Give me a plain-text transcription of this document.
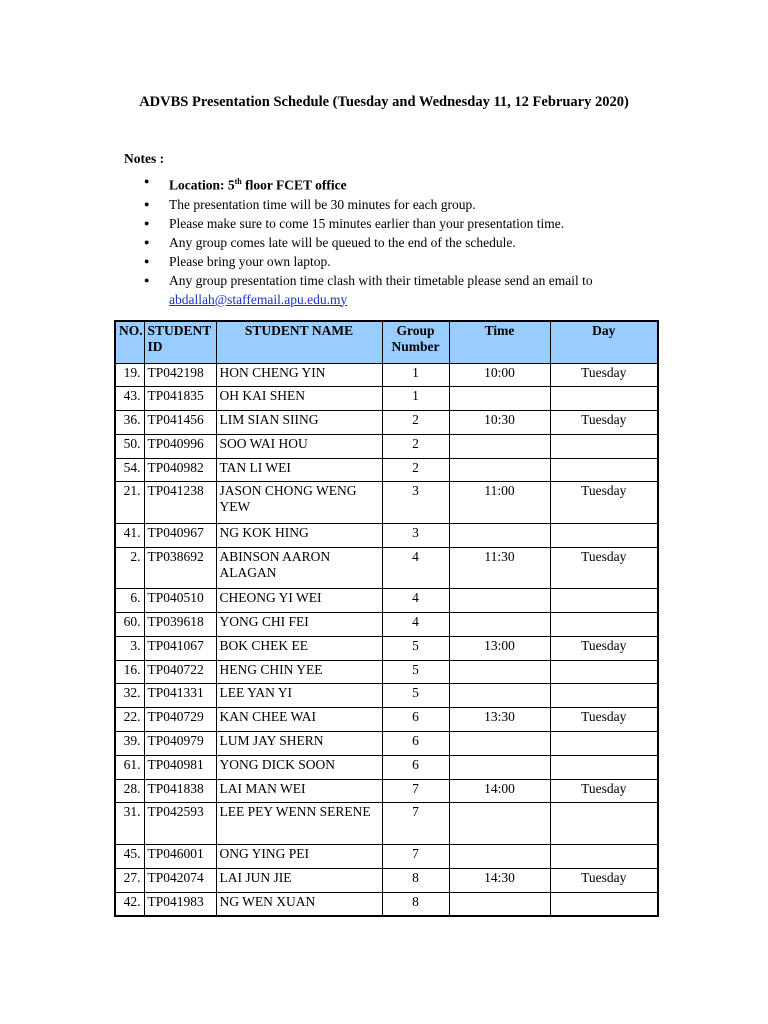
ADVBS Presentation Schedule (Tuesday and Wednesday 11, 12 February 2020)
Notes :
● Location: 5th floor FCET office
● The presentation time will be 30 minutes for each group.
● Please make sure to come 15 minutes earlier than your presentation time.
● Any group comes late will be queued to the end of the schedule.
● Please bring your own laptop.
● Any group presentation time clash with their timetable please send an email to
abdallah@staffemail.apu.edu.my
NO.	STUDENT ID	STUDENT NAME	Group Number	Time	Day
19.	TP042198	HON CHENG YIN	1	10:00	Tuesday
43.	TP041835	OH KAI SHEN	1		
36.	TP041456	LIM SIAN SIING	2	10:30	Tuesday
50.	TP040996	SOO WAI HOU	2		
54.	TP040982	TAN LI WEI	2		
21.	TP041238	JASON CHONG WENG YEW	3	11:00	Tuesday
41.	TP040967	NG KOK HING	3		
2.	TP038692	ABINSON AARON ALAGAN	4	11:30	Tuesday
6.	TP040510	CHEONG YI WEI	4		
60.	TP039618	YONG CHI FEI	4		
3.	TP041067	BOK CHEK EE	5	13:00	Tuesday
16.	TP040722	HENG CHIN YEE	5		
32.	TP041331	LEE YAN YI	5		
22.	TP040729	KAN CHEE WAI	6	13:30	Tuesday
39.	TP040979	LUM JAY SHERN	6		
61.	TP040981	YONG DICK SOON	6		
28.	TP041838	LAI MAN WEI	7	14:00	Tuesday
31.	TP042593	LEE PEY WENN SERENE	7		
45.	TP046001	ONG YING PEI	7		
27.	TP042074	LAI JUN JIE	8	14:30	Tuesday
42.	TP041983	NG WEN XUAN	8		
